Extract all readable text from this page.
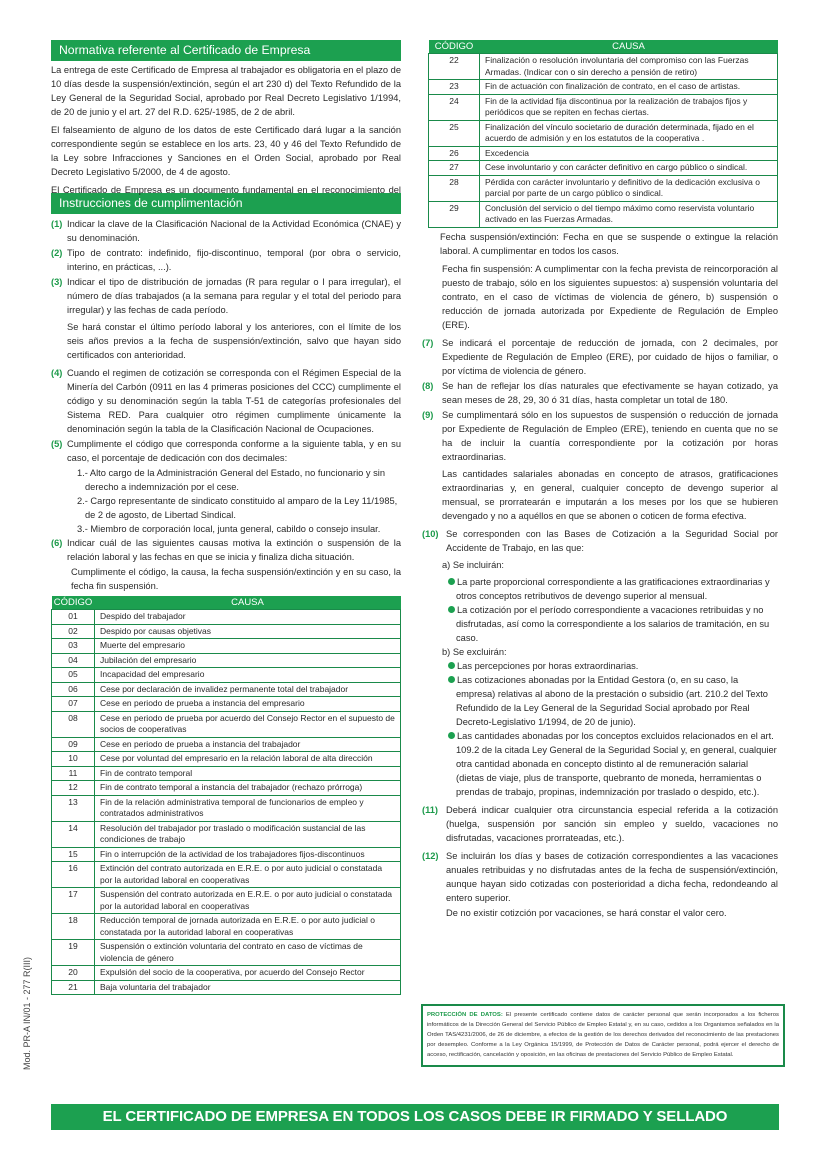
Mod. PR-A IN/01 - 277 R(III)
Normativa referente al Certificado de Empresa

La entrega de este Certificado de Empresa al trabajador es obligatoria en el plazo de 10 días desde la suspensión/extinción, según el art 230 d) del Texto Refundido de la Ley General de la Seguridad Social, aprobado por Real Decreto Legislativo 1/1994, de 20 de junio y el art. 27 del R.D. 625/-1985, de 2 de abril.

El falseamiento de alguno de los datos de este Certificado dará lugar a la sanción correspondiente según se establece en los arts. 23, 40 y 46 del Texto Refundido de la Ley sobre Infracciones y Sanciones en el Orden Social, aprobado por Real Decreto Legislativo 5/2000, de 4 de agosto.

El Certificado de Empresa es un documento fundamental en el reconocimiento del

Instrucciones de cumplimentación
(1) Indicar la clave de la Clasificación Nacional de la Actividad Económica (CNAE) y su denominación.
(2) Tipo de contrato: indefinido, fijo-discontinuo, temporal (por obra o servicio, interino, en prácticas, ...).
(3) Indicar el tipo de distribución de jornadas (R para regular o I para irregular), el número de días trabajados (a la semana para regular y el total del periodo para irregular) y las fechas de cada período.

Se hará constar el último período laboral y los anteriores, con el límite de los seis años previos a la fecha de suspensión/extinción, salvo que hayan sido certificados con anterioridad.

(4) Cuando el regimen de cotización se corresponda con el Régimen Especial de la Minería del Carbón (0911 en las 4 primeras posiciones del CCC) cumplimente el código y su denominación según la tabla T-51 de categorías profesionales del Sistema RED. Para cualquier otro régimen cumplimente únicamente la denominación según la tabla de la Clasificación Nacional de Ocupaciones.
(5) Cumplimente el código que corresponda conforme a la siguiente tabla, y en su caso, el porcentaje de dedicación con dos decimales:
1.- Alto cargo de la Administración General del Estado, no funcionario y sin derecho a indemnización por el cese.
2.- Cargo representante de sindicato constituido al amparo de la Ley 11/1985, de 2 de agosto, de Libertad Sindical.
3.- Miembro de corporación local, junta general, cabildo o consejo insular.
(6) Indicar cuál de las siguientes causas motiva la extinción o suspensión de la relación laboral y las fechas en que se inicia y finaliza dicha situación.

Cumplimente el código, la causa, la fecha suspensión/extinción y en su caso, la fecha fin suspensión.

CÓDIGO	CAUSA
01	Despido del trabajador
02	Despido por causas objetivas
03	Muerte del empresario
04	Jubilación del empresario
05	Incapacidad del empresario
06	Cese por declaración de invalidez permanente total del trabajador
07	Cese en periodo de prueba a instancia del empresario
08	Cese en periodo de prueba por acuerdo del Consejo Rector en el supuesto de socios de cooperativas
09	Cese en periodo de prueba a instancia del trabajador
10	Cese por voluntad del empresario en la relación laboral de alta dirección
11	Fin de contrato temporal
12	Fin de contrato temporal a instancia del trabajador (rechazo prórroga)
13	Fin de la relación administrativa temporal de funcionarios de empleo y contratados administrativos
14	Resolución del trabajador por traslado o modificación sustancial de las condiciones de trabajo
15	Fin o interrupción de la actividad de los trabajadores fijos-discontinuos
16	Extinción del contrato autorizada en E.R.E. o por auto judicial o constatada por la autoridad laboral en cooperativas
17	Suspensión del contrato autorizada en E.R.E. o por auto judicial o constatada por la autoridad laboral en cooperativas
18	Reducción temporal de jornada autorizada en E.R.E. o por auto judicial o constatada por la autoridad laboral en cooperativas
19	Suspensión o extinción voluntaria del contrato en caso de víctimas de violencia de género
20	Expulsión del socio de la cooperativa, por acuerdo del Consejo Rector
21	Baja voluntaria del trabajador
CÓDIGO	CAUSA
22	Finalización o resolución involuntaria del compromiso con las Fuerzas Armadas. (Indicar con o sin derecho a pensión de retiro)
23	Fin de actuación con finalización de contrato, en el caso de artistas.
24	Fin de la actividad fija discontinua por la realización de trabajos fijos y periódicos que se repiten en fechas ciertas.
25	Finalización del vínculo societario de duración determinada, fijado en el acuerdo de admisión y en los estatutos de la cooperativa .
26	Excedencia
27	Cese involuntario y con carácter definitivo en cargo público o sindical.
28	Pérdida con carácter involuntario y definitivo de la dedicación exclusiva o parcial por parte de un cargo público o sindical.
29	Conclusión del servicio o del tiempo máximo como reservista voluntario activado en las Fuerzas Armadas.

Fecha suspensión/extinción: Fecha en que se suspende o extingue la relación laboral. A cumplimentar en todos los casos.

Fecha fin suspensión: A cumplimentar con la fecha prevista de reincorporación al puesto de trabajo, sólo en los siguientes supuestos: a) suspensión voluntaria del contrato, en el caso de víctimas de violencia de género, b) suspensión o reducción de jornada autorizada por Expediente de Regulación de Empleo (ERE).

(7) Se indicará el porcentaje de reducción de jornada, con 2 decimales, por Expediente de Regulación de Empleo (ERE), por cuidado de hijos o familiar, o por víctima de violencia de género.
(8) Se han de reflejar los días naturales que efectivamente se hayan cotizado, ya sean meses de 28, 29, 30 ó 31 días, hasta completar un total de 180.
(9) Se cumplimentará sólo en los supuestos de suspensión o reducción de jornada por Expediente de Regulación de Empleo (ERE), teniendo en cuenta que no se ha de incluir la cuantía correspondiente por la cotización por horas extraordinarias.

Las cantidades salariales abonadas en concepto de atrasos, gratificaciones extraordinarias y, en general, cualquier concepto de devengo superior al mensual, se prorratearán e imputarán a los meses por los que se hubieren devengado y no a aquéllos en que se abonen o coticen de forma efectiva.

(10) Se corresponden con las Bases de Cotización a la Seguridad Social por Accidente de Trabajo, en las que:

a) Se incluirán:

La parte proporcional correspondiente a las gratificaciones extraordinarias y otros conceptos retributivos de devengo superior al mensual.
La cotización por el período correspondiente a vacaciones retribuidas y no disfrutadas, así como la correspondiente a los salarios de tramitación, en su caso.

b) Se excluirán:

Las percepciones por horas extraordinarias.
Las cotizaciones abonadas por la Entidad Gestora (o, en su caso, la empresa) relativas al abono de la prestación o subsidio (art. 210.2 del Texto Refundido de la Ley General de la Seguridad Social aprobado por Real Decreto-Legislativo 1/1994, de 20 de junio).
Las cantidades abonadas por los conceptos excluidos relacionados en el art. 109.2 de la citada Ley General de la Seguridad Social y, en general, cualquier otra cantidad abonada en concepto distinto al de remuneración salarial (dietas de viaje, plus de transporte, quebranto de moneda, herramientas o prendas de trabajo, propinas, indemnización por traslado o despido, etc.).
(11) Deberá indicar cualquier otra circunstancia especial referida a la cotización (huelga, suspensión por sanción sin empleo y sueldo, vacaciones no disfrutadas, vacaciones prorrateadas, etc.).
(12) Se incluirán los días y bases de cotización correspondientes a las vacaciones anuales retribuidas y no disfrutadas antes de la fecha de suspensión/extinción, aunque hayan sido cotizadas con posterioridad a dicha fecha, redondeando al entero superior.

De no existir cotizción por vacaciones, se hará constar el valor cero.

PROTECCIÓN DE DATOS: El presente certificado contiene datos de carácter personal que serán incorporados a los ficheros informáticos de la Dirección General del Servicio Público de Empleo Estatal y, en su caso, cedidos a los Organismos señalados en la Orden TAS/4231/2006, de 26 de diciembre, a efectos de la gestión de los derechos derivados del reconocimiento de las prestaciones por desempleo. Conforme a la Ley Orgánica 15/1999, de Protección de Datos de Carácter personal, podrá ejercer el derecho de acceso, rectificación, cancelación y oposición, en las oficinas de prestaciones del Servicio Público de Empleo Estatal.
EL CERTIFICADO DE EMPRESA EN TODOS LOS CASOS DEBE IR FIRMADO Y SELLADO
